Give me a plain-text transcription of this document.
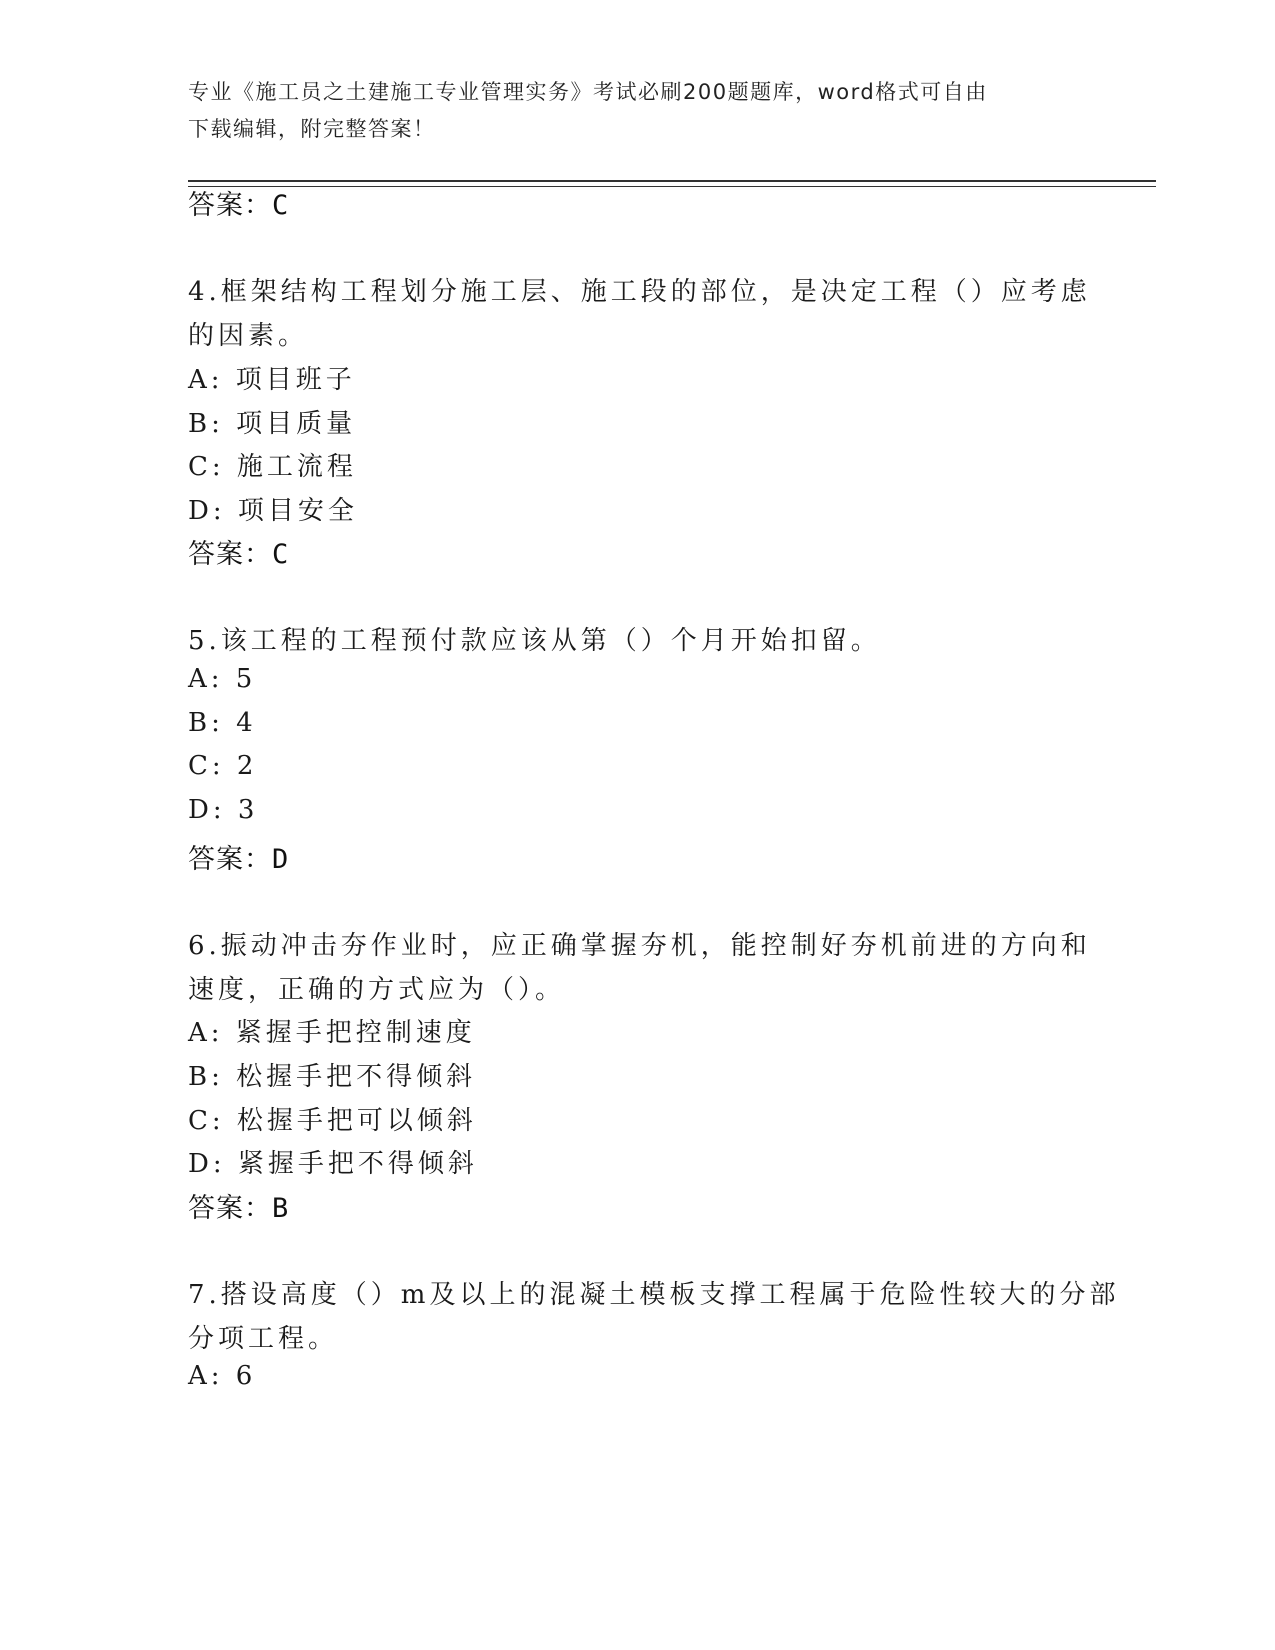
专业《施工员之土建施工专业管理实务》考试必刷200题题库，word格式可自由
下载编辑，附完整答案！
答案：C
4.框架结构工程划分施工层、施工段的部位，是决定工程（）应考虑
的因素。
A: 项目班子
B: 项目质量
C: 施工流程
D: 项目安全
答案：C
5.该工程的工程预付款应该从第（）个月开始扣留。
A: 5
B: 4
C: 2
D: 3
答案：D
6.振动冲击夯作业时，应正确掌握夯机，能控制好夯机前进的方向和
速度，正确的方式应为（）。
A: 紧握手把控制速度
B: 松握手把不得倾斜
C: 松握手把可以倾斜
D: 紧握手把不得倾斜
答案：B
7.搭设高度（）m及以上的混凝土模板支撑工程属于危险性较大的分部
分项工程。
A: 6
